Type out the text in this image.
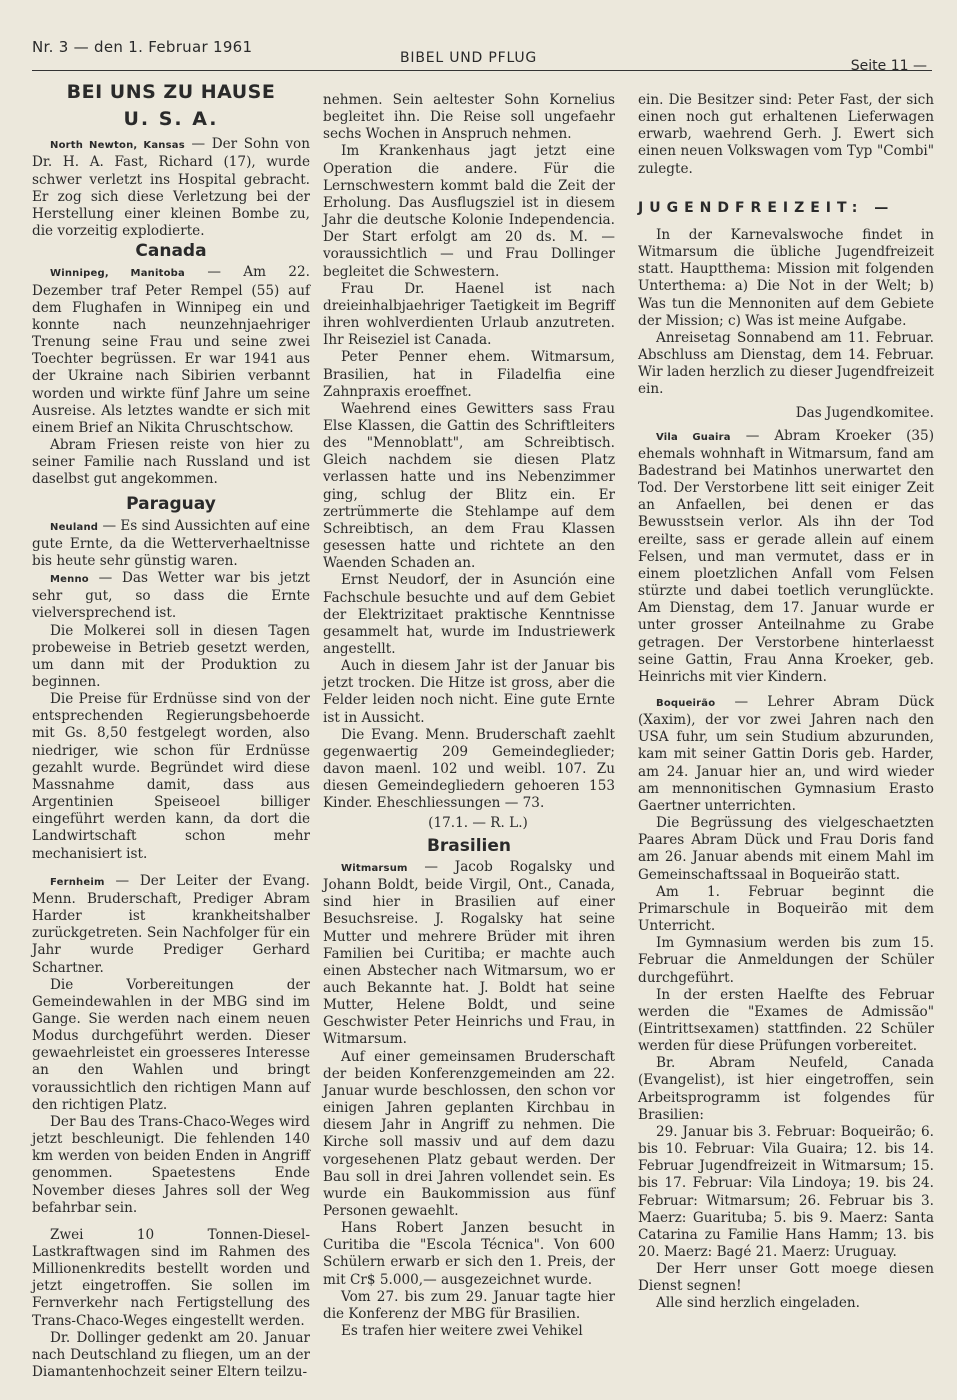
Nr. 3 — den 1. Februar 1961
BIBEL UND PFLUG	Seite 11 —
BEI UNS ZU HAUSE
U. S. A.

North Newton, Kansas — Der Sohn von Dr. H. A. Fast, Richard (17), wurde schwer verletzt ins Hospital gebracht. Er zog sich diese Verletzung bei der Herstellung einer kleinen Bombe zu, die vorzeitig explodierte.

Canada

Winnipeg, Manitoba — Am 22. Dezember traf Peter Rempel (55) auf dem Flughafen in Winnipeg ein und konnte nach neunzehnjaehriger Trenung seine Frau und seine zwei Toechter begrüssen. Er war 1941 aus der Ukraine nach Sibirien verbannt worden und wirkte fünf Jahre um seine Ausreise. Als letztes wandte er sich mit einem Brief an Nikita Chruschtschow.

Abram Friesen reiste von hier zu seiner Familie nach Russland und ist daselbst gut angekommen.

Paraguay

Neuland — Es sind Aussichten auf eine gute Ernte, da die Wetterverhaeltnisse bis heute sehr günstig waren.

Menno — Das Wetter war bis jetzt sehr gut, so dass die Ernte vielversprechend ist.

Die Molkerei soll in diesen Tagen probeweise in Betrieb gesetzt werden, um dann mit der Produktion zu beginnen.

Die Preise für Erdnüsse sind von der entsprechenden Regierungsbehoerde mit Gs. 8,50 festgelegt worden, also niedriger, wie schon für Erdnüsse gezahlt wurde. Begründet wird diese Massnahme damit, dass aus Argentinien Speiseoel billiger eingeführt werden kann, da dort die Landwirtschaft schon mehr mechanisiert ist.

Fernheim — Der Leiter der Evang. Menn. Bruderschaft, Prediger Abram Harder ist krankheitshalber zurückgetreten. Sein Nachfolger für ein Jahr wurde Prediger Gerhard Schartner.

Die Vorbereitungen der Gemeindewahlen in der MBG sind im Gange. Sie werden nach einem neuen Modus durchgeführt werden. Dieser gewaehrleistet ein groesseres Interesse an den Wahlen und bringt voraussichtlich den richtigen Mann auf den richtigen Platz.

Der Bau des Trans-Chaco-Weges wird jetzt beschleunigt. Die fehlenden 140 km werden von beiden Enden in Angriff genommen. Spaetestens Ende November dieses Jahres soll der Weg befahrbar sein.

Zwei 10 Tonnen-Diesel-Lastkraftwagen sind im Rahmen des Millionenkredits bestellt worden und jetzt eingetroffen. Sie sollen im Fernverkehr nach Fertigstellung des Trans-Chaco-Weges eingestellt werden.

Dr. Dollinger gedenkt am 20. Januar nach Deutschland zu fliegen, um an der Diamantenhochzeit seiner Eltern teilzu-

nehmen. Sein aeltester Sohn Kornelius begleitet ihn. Die Reise soll ungefaehr sechs Wochen in Anspruch nehmen.

Im Krankenhaus jagt jetzt eine Operation die andere. Für die Lernschwestern kommt bald die Zeit der Erholung. Das Ausflugsziel ist in diesem Jahr die deutsche Kolonie Independencia. Der Start erfolgt am 20 ds. M. — voraussichtlich — und Frau Dollinger begleitet die Schwestern.

Frau Dr. Haenel ist nach dreieinhalbjaehriger Taetigkeit im Begriff ihren wohlverdienten Urlaub anzutreten. Ihr Reiseziel ist Canada.

Peter Penner ehem. Witmarsum, Brasilien, hat in Filadelfia eine Zahnpraxis eroeffnet.

Waehrend eines Gewitters sass Frau Else Klassen, die Gattin des Schriftleiters des "Mennoblatt", am Schreibtisch. Gleich nachdem sie diesen Platz verlassen hatte und ins Nebenzimmer ging, schlug der Blitz ein. Er zertrümmerte die Stehlampe auf dem Schreibtisch, an dem Frau Klassen gesessen hatte und richtete an den Waenden Schaden an.

Ernst Neudorf, der in Asunción eine Fachschule besuchte und auf dem Gebiet der Elektrizitaet praktische Kenntnisse gesammelt hat, wurde im Industriewerk angestellt.

Auch in diesem Jahr ist der Januar bis jetzt trocken. Die Hitze ist gross, aber die Felder leiden noch nicht. Eine gute Ernte ist in Aussicht.

Die Evang. Menn. Bruderschaft zaehlt gegenwaertig 209 Gemeindeglieder; davon maenl. 102 und weibl. 107. Zu diesen Gemeindegliedern gehoeren 153 Kinder. Eheschliessungen — 73.

(17.1. — R. L.)

Brasilien

Witmarsum — Jacob Rogalsky und Johann Boldt, beide Virgil, Ont., Canada, sind hier in Brasilien auf einer Besuchsreise. J. Rogalsky hat seine Mutter und mehrere Brüder mit ihren Familien bei Curitiba; er machte auch einen Abstecher nach Witmarsum, wo er auch Bekannte hat. J. Boldt hat seine Mutter, Helene Boldt, und seine Geschwister Peter Heinrichs und Frau, in Witmarsum.

Auf einer gemeinsamen Bruderschaft der beiden Konferenzgemeinden am 22. Januar wurde beschlossen, den schon vor einigen Jahren geplanten Kirchbau in diesem Jahr in Angriff zu nehmen. Die Kirche soll massiv und auf dem dazu vorgesehenen Platz gebaut werden. Der Bau soll in drei Jahren vollendet sein. Es wurde ein Baukommission aus fünf Personen gewaehlt.

Hans Robert Janzen besucht in Curitiba die "Escola Técnica". Von 600 Schülern erwarb er sich den 1. Preis, der mit Cr$ 5.000,— ausgezeichnet wurde.

Vom 27. bis zum 29. Januar tagte hier die Konferenz der MBG für Brasilien.

Es trafen hier weitere zwei Vehikel

ein. Die Besitzer sind: Peter Fast, der sich einen noch gut erhaltenen Lieferwagen erwarb, waehrend Gerh. J. Ewert sich einen neuen Volkswagen vom Typ "Combi" zulegte.

JUGENDFREIZEIT: —

In der Karnevalswoche findet in Witmarsum die übliche Jugendfreizeit statt. Hauptthema: Mission mit folgenden Unterthema: a) Die Not in der Welt; b) Was tun die Mennoniten auf dem Gebiete der Mission; c) Was ist meine Aufgabe.

Anreisetag Sonnabend am 11. Februar. Abschluss am Dienstag, dem 14. Februar. Wir laden herzlich zu dieser Jugendfreizeit ein.

Das Jugendkomitee.

Vila Guaira — Abram Kroeker (35) ehemals wohnhaft in Witmarsum, fand am Badestrand bei Matinhos unerwartet den Tod. Der Verstorbene litt seit einiger Zeit an Anfaellen, bei denen er das Bewusstsein verlor. Als ihn der Tod ereilte, sass er gerade allein auf einem Felsen, und man vermutet, dass er in einem ploetzlichen Anfall vom Felsen stürzte und dabei toetlich verunglückte. Am Dienstag, dem 17. Januar wurde er unter grosser Anteilnahme zu Grabe getragen. Der Verstorbene hinterlaesst seine Gattin, Frau Anna Kroeker, geb. Heinrichs mit vier Kindern.

Boqueirão — Lehrer Abram Dück (Xaxim), der vor zwei Jahren nach den USA fuhr, um sein Studium abzurunden, kam mit seiner Gattin Doris geb. Harder, am 24. Januar hier an, und wird wieder am mennonitischen Gymnasium Erasto Gaertner unterrichten.

Die Begrüssung des vielgeschaetzten Paares Abram Dück und Frau Doris fand am 26. Januar abends mit einem Mahl im Gemeinschaftssaal in Boqueirão statt.

Am 1. Februar beginnt die Primarschule in Boqueirão mit dem Unterricht.

Im Gymnasium werden bis zum 15. Februar die Anmeldungen der Schüler durchgeführt.

In der ersten Haelfte des Februar werden die "Exames de Admissão" (Eintrittsexamen) stattfinden. 22 Schüler werden für diese Prüfungen vorbereitet.

Br. Abram Neufeld, Canada (Evangelist), ist hier eingetroffen, sein Arbeitsprogramm ist folgendes für Brasilien:

29. Januar bis 3. Februar: Boqueirão; 6. bis 10. Februar: Vila Guaira; 12. bis 14. Februar Jugendfreizeit in Witmarsum; 15. bis 17. Februar: Vila Lindoya; 19. bis 24. Februar: Witmarsum; 26. Februar bis 3. Maerz: Guarituba; 5. bis 9. Maerz: Santa Catarina zu Familie Hans Hamm; 13. bis 20. Maerz: Bagé 21. Maerz: Uruguay.

Der Herr unser Gott moege diesen Dienst segnen!

Alle sind herzlich eingeladen.
